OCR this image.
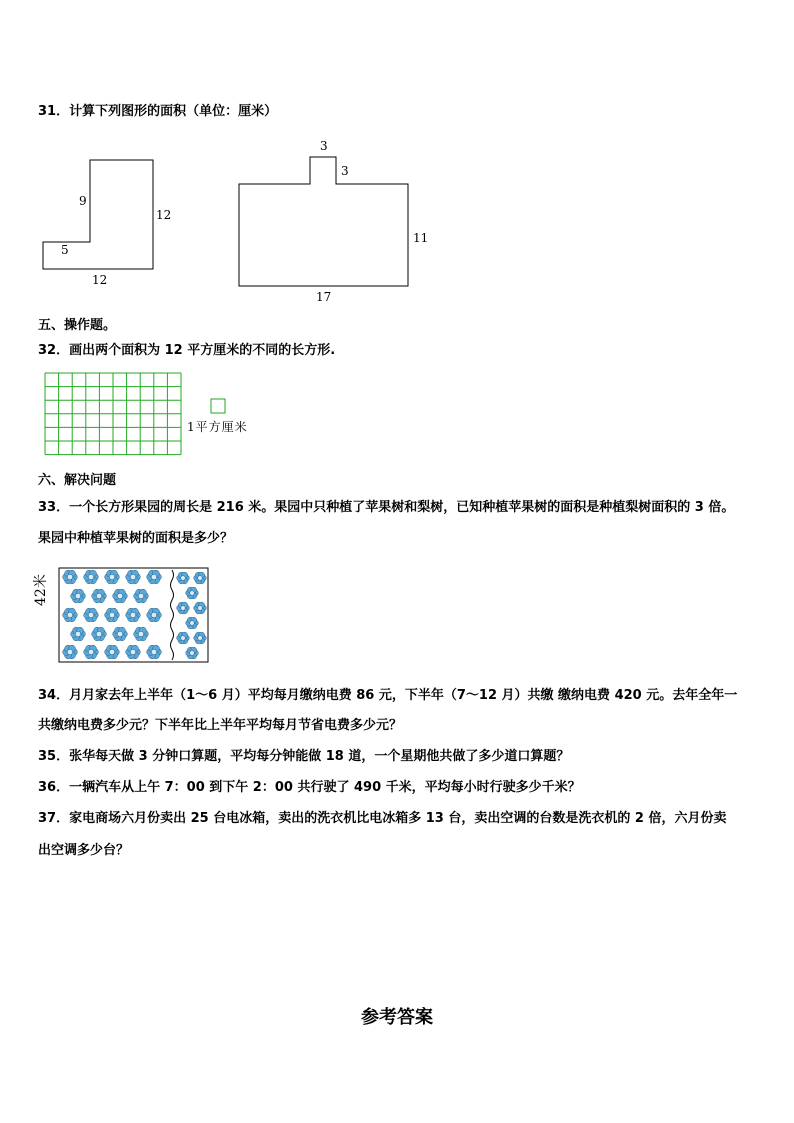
31．计算下列图形的面积（单位：厘米）
9
12
5
12
3
3
11
17
五、操作题。
32．画出两个面积为 12 平方厘米的不同的长方形.
1平方厘米
六、解决问题
33．一个长方形果园的周长是 216 米。果园中只种植了苹果树和梨树，已知种植苹果树的面积是种植梨树面积的 3 倍。
果园中种植苹果树的面积是多少？
42米
34．月月家去年上半年（1～6 月）平均每月缴纳电费 86 元，下半年（7～12 月）共缴 缴纳电费 420 元。去年全年一
共缴纳电费多少元？下半年比上半年平均每月节省电费多少元？
35．张华每天做 3 分钟口算题，平均每分钟能做 18 道，一个星期他共做了多少道口算题？
36．一辆汽车从上午 7：00 到下午 2：00 共行驶了 490 千米，平均每小时行驶多少千米？
37．家电商场六月份卖出 25 台电冰箱，卖出的洗衣机比电冰箱多 13 台，卖出空调的台数是洗衣机的 2 倍，六月份卖
出空调多少台？
参考答案
